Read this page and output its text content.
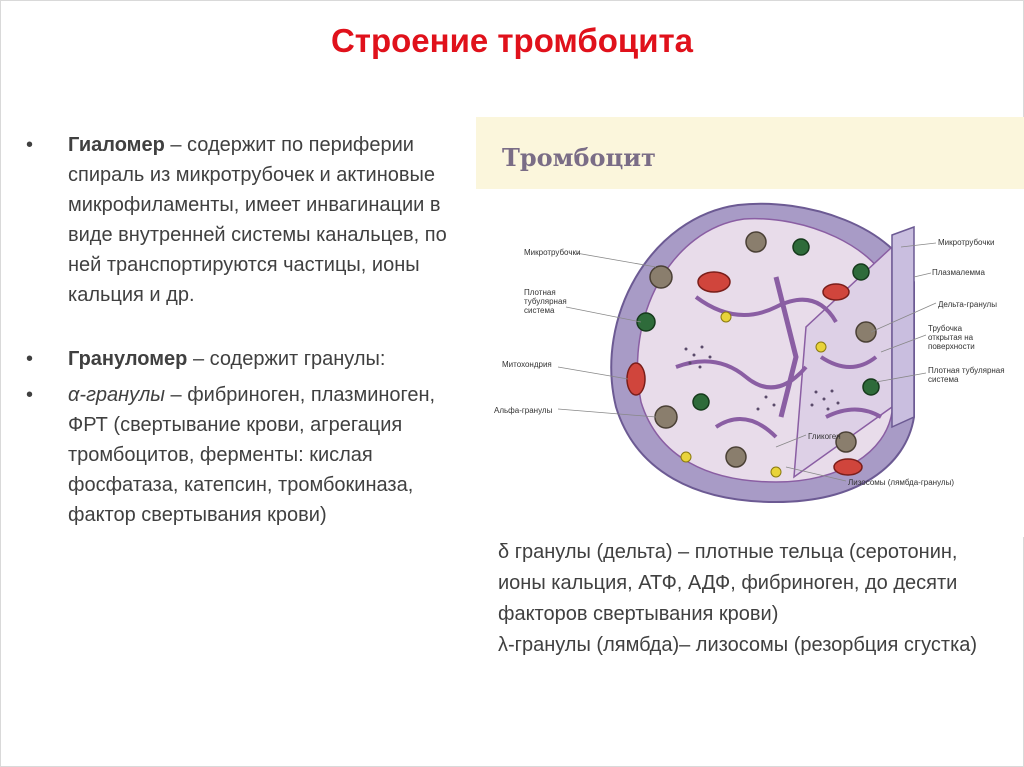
Строение тромбоцита
•	Гиаломер – содержит по периферии спираль из микротрубочек и актиновые микрофиламенты, имеет инвагинации в виде внутренней системы канальцев, по ней транспортируются частицы, ионы кальция и др.
•	Грануломер – содержит гранулы:
•	α-гранулы – фибриноген, плазминоген, ФРТ (свертывание крови, агрегация тромбоцитов, ферменты: кислая фосфатаза, катепсин, тромбокиназа, фактор свертывания крови)
Тромбоцит
Микротрубочки
Плотная
тубулярная
система
Митохондрия
Альфа-гранулы
Микротрубочки
Плазмалемма
Дельта-гранулы
Трубочка
открытая на
поверхности
Плотная тубулярная
система
Гликоген
Лизосомы (лямбда-гранулы)
δ гранулы (дельта) – плотные тельца (серотонин, ионы кальция, АТФ, АДФ, фибриноген, до десяти факторов свертывания крови)
λ-гранулы (лямбда)– лизосомы (резорбция сгустка)
